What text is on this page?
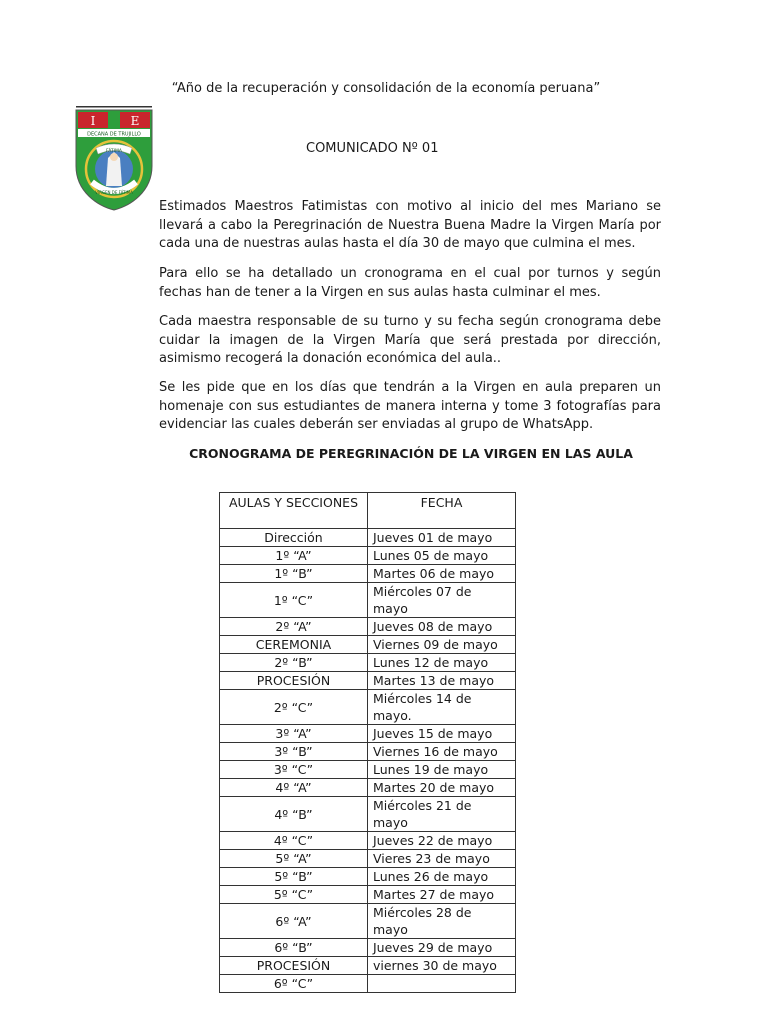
“Año de la recuperación y consolidación de la economía peruana”
I	E
DECANA DE TRUJILLO
FÁTIMA
VIRGEN DE FÁTIMA
COMUNICADO Nº 01
Estimados Maestros Fatimistas con motivo al inicio del mes Mariano se llevará a cabo la Peregrinación de Nuestra Buena Madre la Virgen María por cada una de nuestras aulas hasta el día 30 de mayo que culmina el mes.
Para ello se ha detallado un cronograma en el cual por turnos y según fechas han de tener a la Virgen en sus aulas hasta culminar el mes.
Cada maestra responsable de su turno y su fecha según cronograma debe cuidar la imagen de la Virgen María que será prestada por dirección, asimismo recogerá la donación económica del aula..
Se les pide que en los días que tendrán a la Virgen en aula preparen un homenaje con sus estudiantes de manera interna y tome 3 fotografías para evidenciar las cuales deberán ser enviadas al grupo de WhatsApp.
CRONOGRAMA DE PEREGRINACIÓN DE LA VIRGEN EN LAS AULA
AULAS Y SECCIONES	FECHA
Dirección	Jueves 01 de mayo
1º “A”	Lunes 05 de mayo
1º “B”	Martes 06 de mayo
1º “C”	Miércoles 07 de mayo
2º “A”	Jueves 08 de mayo
CEREMONIA	Viernes 09 de mayo
2º “B”	Lunes 12 de mayo
PROCESIÓN	Martes 13 de mayo
2º “C”	Miércoles 14 de mayo.
3º “A”	Jueves 15 de mayo
3º “B”	Viernes 16 de mayo
3º “C”	Lunes 19 de mayo
4º “A”	Martes 20 de mayo
4º “B”	Miércoles 21 de mayo
4º “C”	Jueves 22 de mayo
5º “A”	Vieres 23 de mayo
5º “B”	Lunes 26 de mayo
5º “C”	Martes 27 de mayo
6º “A”	Miércoles 28 de mayo
6º “B”	Jueves 29 de mayo
PROCESIÓN	viernes 30 de mayo
6º “C”	
